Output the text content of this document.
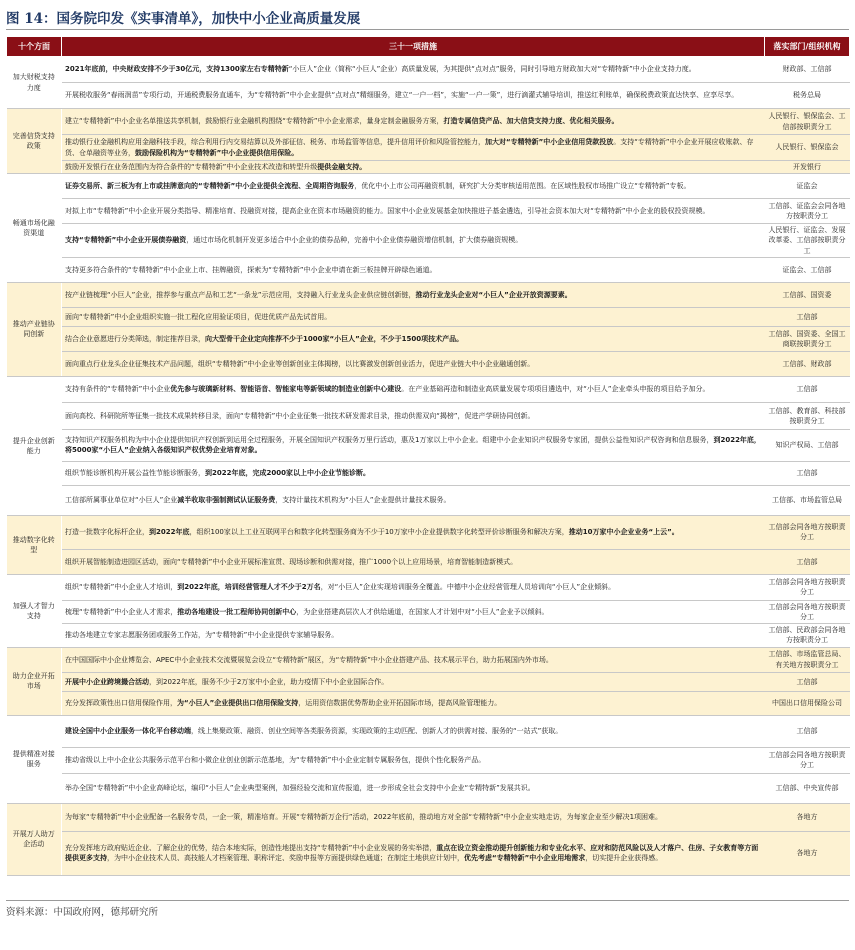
图 14：国务院印发《实事清单》，加快中小企业高质量发展
十个方面	三十一项措施	落实部门/组织机构
加大财税支持力度	2021年底前，中央财政安排不少于30亿元，支持1300家左右专精特新“小巨人”企业（简称“小巨人”企业）高质量发展，为其提供“点对点”服务，同时引导地方财政加大对“专精特新”中小企业支持力度。	财政部、工信部
	开展税收服务“春雨润苗”专项行动，开通税费服务直通车，为“专精特新”中小企业提供“点对点”精细服务，建立“一户一档”，实施“一户一策”，进行滴灌式辅导培训，推送红利账单，确保税费政策直达快享、应享尽享。	税务总局
完善信贷支持政策	建立“专精特新”中小企业名单推送共享机制，鼓励银行业金融机构围绕“专精特新”中小企业需求，量身定制金融服务方案，打造专属信贷产品、加大信贷支持力度、优化相关服务。	人民银行、银保监会、工信部按职责分工
	推动银行业金融机构应用金融科技手段，综合利用行内交易结算以及外部征信、税务、市场监管等信息，提升信用评价和风险管控能力，加大对“专精特新”中小企业信用贷款投放。支持“专精特新”中小企业开展应收账款、存货、仓单融资等业务，鼓励保险机构为“专精特新”中小企业提供信用保险。	人民银行、银保监会
	鼓励开发银行在业务范围内为符合条件的“专精特新”中小企业技术改造和转型升级提供金融支持。	开发银行
畅通市场化融资渠道	证券交易所、新三板为有上市或挂牌意向的“专精特新”中小企业提供全流程、全周期咨询服务，优化中小上市公司再融资机制，研究扩大分类审核适用范围。在区域性股权市场推广设立“专精特新”专板。	证监会
	对拟上市“专精特新”中小企业开展分类指导、精准培育、投融资对接，提高企业在资本市场融资的能力。国家中小企业发展基金加快推进子基金遴选，引导社会资本加大对“专精特新”中小企业的股权投资规模。	工信部、证监会会同各地方按职责分工
	支持“专精特新”中小企业开展债券融资，通过市场化机制开发更多适合中小企业的债券品种，完善中小企业债券融资增信机制，扩大债券融资规模。	人民银行、证监会、发展改革委、工信部按职责分工
	支持更多符合条件的“专精特新”中小企业上市、挂牌融资，探索为“专精特新”中小企业申请在新三板挂牌开辟绿色通道。	证监会、工信部
推动产业链协同创新	按产业链梳理“小巨人”企业，推荐参与重点产品和工艺“一条龙”示范应用，支持融入行业龙头企业供应链创新链，推动行业龙头企业对“小巨人”企业开放资源要素。	工信部、国资委
	面向“专精特新”中小企业组织实施一批工程化应用验证项目，促进优质产品先试首用。	工信部
	结合企业意愿进行分类筛选，制定推荐目录，向大型骨干企业定向推荐不少于1000家“小巨人”企业，不少于1500项技术产品。	工信部、国资委、全国工商联按职责分工
	面向重点行业龙头企业征集技术产品问题，组织“专精特新”中小企业等创新创业主体揭榜，以比赛激发创新创业活力，促进产业链大中小企业融通创新。	工信部、财政部
提升企业创新能力	支持有条件的“专精特新”中小企业优先参与玻璃新材料、智能语音、智能家电等新领域的制造业创新中心建设。在产业基础再造和制造业高质量发展专项项目遴选中，对“小巨人”企业牵头申报的项目给予加分。	工信部
	面向高校、科研院所等征集一批技术成果转移目录，面向“专精特新”中小企业征集一批技术研发需求目录，推动供需双向“揭榜”，促进产学研协同创新。	工信部、教育部、科技部按职责分工
	支持知识产权服务机构为中小企业提供知识产权创新到运用全过程服务，开展全国知识产权服务万里行活动，惠及1万家以上中小企业。组建中小企业知识产权服务专家团，提供公益性知识产权咨询和信息服务，到2022年底，将5000家“小巨人”企业纳入各级知识产权优势企业培育对象。	知识产权局、工信部
	组织节能诊断机构开展公益性节能诊断服务，到2022年底，完成2000家以上中小企业节能诊断。	工信部
	工信部所属事业单位对“小巨人”企业减半收取非强制测试认证服务费，支持计量技术机构为“小巨人”企业提供计量技术服务。	工信部、市场监管总局
推动数字化转型	打造一批数字化标杆企业，到2022年底，组织100家以上工业互联网平台和数字化转型服务商为不少于10万家中小企业提供数字化转型评价诊断服务和解决方案，推动10万家中小企业业务“上云”。	工信部会同各地方按职责分工
	组织开展智能制造进园区活动，面向“专精特新”中小企业开展标准宣贯、现场诊断和供需对接，推广1000个以上应用场景，培育智能制造新模式。	工信部
加强人才智力支持	组织“专精特新”中小企业人才培训，到2022年底，培训经营管理人才不少于2万名，对“小巨人”企业实现培训服务全覆盖。中德中小企业经营管理人员培训向“小巨人”企业倾斜。	工信部会同各地方按职责分工
	梳理“专精特新”中小企业人才需求，推动各地建设一批工程师协同创新中心，为企业搭建高层次人才供给通道，在国家人才计划中对“小巨人”企业予以倾斜。	工信部会同各地方按职责分工
	推动各地建立专家志愿服务团或服务工作站，为“专精特新”中小企业提供专家辅导服务。	工信部、民政部会同各地方按职责分工
助力企业开拓市场	在中国国际中小企业博览会、APEC中小企业技术交流暨展览会设立“专精特新”展区，为“专精特新”中小企业搭建产品、技术展示平台，助力拓展国内外市场。	工信部、市场监管总局、有关地方按职责分工
	开展中小企业跨境撮合活动，到2022年底，服务不少于2万家中小企业，助力疫情下中小企业国际合作。	工信部
	充分发挥政策性出口信用保险作用，为“小巨人”企业提供出口信用保险支持，运用资信数据优势帮助企业开拓国际市场，提高风险管理能力。	中国出口信用保险公司
提供精准对接服务	建设全国中小企业服务一体化平台移动端，线上集聚政策、融资、创业空间等各类服务资源，实现政策的主动匹配、创新人才的供需对接、服务的“一站式”获取。	工信部
	推动省级以上中小企业公共服务示范平台和小微企业创业创新示范基地，为“专精特新”中小企业定制专属服务包，提供个性化服务产品。	工信部会同各地方按职责分工
	举办全国“专精特新”中小企业高峰论坛，编印“小巨人”企业典型案例，加强经验交流和宣传报道，进一步形成全社会支持中小企业“专精特新”发展共识。	工信部、中央宣传部
开展万人助万企活动	为每家“专精特新”中小企业配备一名服务专员，一企一策，精准培育。开展“专精特新万企行”活动，2022年底前，推动地方对全部“专精特新”中小企业实地走访，为每家企业至少解决1项困难。	各地方
	充分发挥地方政府贴近企业、了解企业的优势，结合本地实际，创造性地提出支持“专精特新”中小企业发展的务实举措，重点在设立资金推动提升创新能力和专业化水平、应对和防范风险以及人才落户、住房、子女教育等方面提供更多支持，为中小企业技术人员、高技能人才档案管理、职称评定、奖励申报等方面提供绿色通道；在制定土地供应计划中，优先考虑“专精特新”中小企业用地需求，切实提升企业获得感。	各地方
资料来源：中国政府网，德邦研究所
